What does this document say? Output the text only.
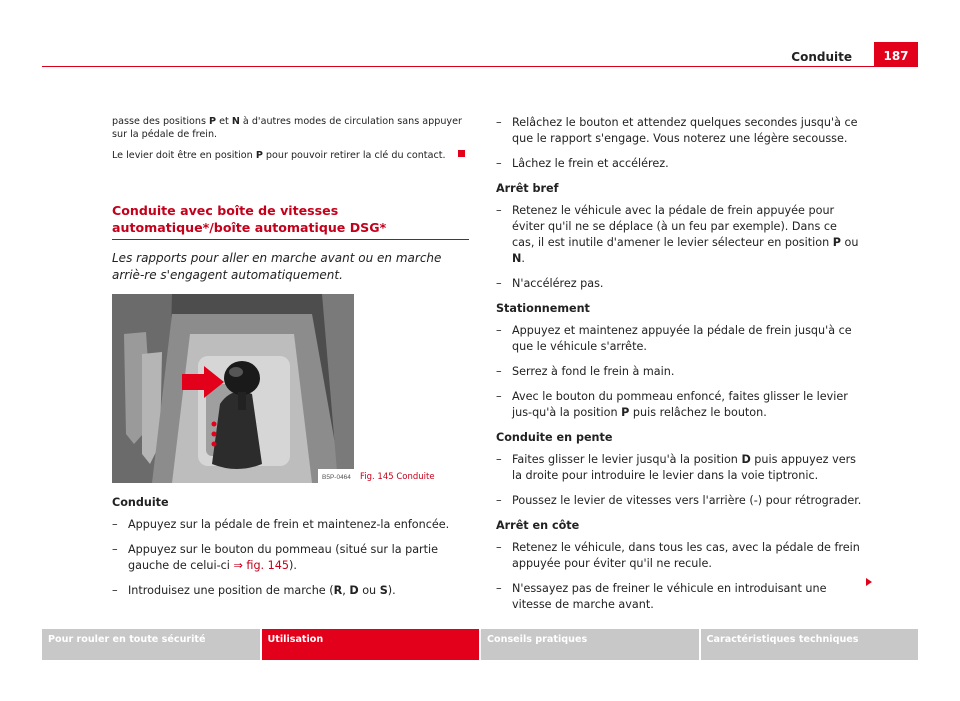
Conduite	187

passe des positions P et N à d'autres modes de circulation sans appuyer sur la pédale de frein.

Le levier doit être en position P pour pouvoir retirer la clé du contact.

Conduite avec boîte de vitesses automatique*/boîte automatique DSG*
Les rapports pour aller en marche avant ou en marche arriè-re s'engagent automatiquement.
B5P-0464 Fig. 145 Conduite
Conduite
– Appuyez sur la pédale de frein et maintenez-la enfoncée.
– Appuyez sur le bouton du pommeau (situé sur la partie gauche de celui-ci ⇒ fig. 145).
– Introduisez une position de marche (R, D ou S).
– Relâchez le bouton et attendez quelques secondes jusqu'à ce que le rapport s'engage. Vous noterez une légère secousse.
– Lâchez le frein et accélérez.
Arrêt bref
– Retenez le véhicule avec la pédale de frein appuyée pour éviter qu'il ne se déplace (à un feu par exemple). Dans ce cas, il est inutile d'amener le levier sélecteur en position P ou N.
– N'accélérez pas.
Stationnement
– Appuyez et maintenez appuyée la pédale de frein jusqu'à ce que le véhicule s'arrête.
– Serrez à fond le frein à main.
– Avec le bouton du pommeau enfoncé, faites glisser le levier jus-qu'à la position P puis relâchez le bouton.
Conduite en pente
– Faites glisser le levier jusqu'à la position D puis appuyez vers la droite pour introduire le levier dans la voie tiptronic.
– Poussez le levier de vitesses vers l'arrière (-) pour rétrograder.
Arrêt en côte
– Retenez le véhicule, dans tous les cas, avec la pédale de frein appuyée pour éviter qu'il ne recule.
– N'essayez pas de freiner le véhicule en introduisant une vitesse de marche avant.
Pour rouler en toute sécurité	Utilisation	Conseils pratiques	Caractéristiques techniques
